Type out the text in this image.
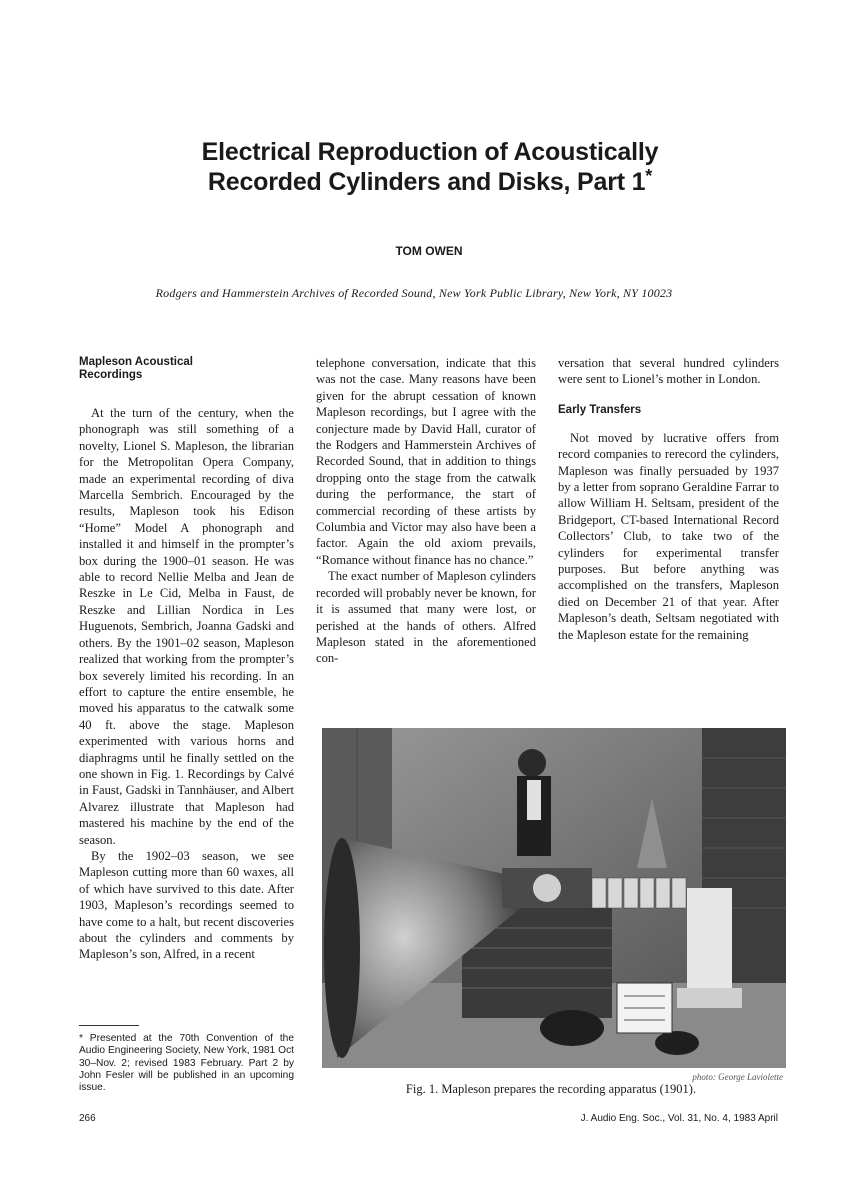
Electrical Reproduction of Acoustically
Recorded Cylinders and Disks, Part 1*
TOM OWEN
Rodgers and Hammerstein Archives of Recorded Sound, New York Public Library, New York, NY 10023
Mapleson Acoustical Recordings

At the turn of the century, when the phonograph was still something of a novelty, Lionel S. Mapleson, the librarian for the Metropolitan Opera Company, made an experimental recording of diva Marcella Sembrich. Encouraged by the results, Mapleson took his Edison “Home” Model A phonograph and installed it and himself in the prompter’s box during the 1900–01 season. He was able to record Nellie Melba and Jean de Reszke in Le Cid, Melba in Faust, de Reszke and Lillian Nordica in Les Huguenots, Sembrich, Joanna Gadski and others. By the 1901–02 season, Mapleson realized that working from the prompter’s box severely limited his recording. In an effort to capture the entire ensemble, he moved his apparatus to the catwalk some 40 ft. above the stage. Mapleson experimented with various horns and diaphragms until he finally settled on the one shown in Fig. 1. Recordings by Calvé in Faust, Gadski in Tannhäuser, and Albert Alvarez illustrate that Mapleson had mastered his machine by the end of the season.

By the 1902–03 season, we see Mapleson cutting more than 60 waxes, all of which have survived to this date. After 1903, Mapleson’s recordings seemed to have come to a halt, but recent discoveries about the cylinders and comments by Mapleson’s son, Alfred, in a recent

telephone conversation, indicate that this was not the case. Many reasons have been given for the abrupt cessation of known Mapleson recordings, but I agree with the conjecture made by David Hall, curator of the Rodgers and Hammerstein Archives of Recorded Sound, that in addition to things dropping onto the stage from the catwalk during the performance, the start of commercial recording of these artists by Columbia and Victor may also have been a factor. Again the old axiom prevails, “Romance without finance has no chance.”

The exact number of Mapleson cylinders recorded will probably never be known, for it is assumed that many were lost, or perished at the hands of others. Alfred Mapleson stated in the aforementioned con-

versation that several hundred cylinders were sent to Lionel’s mother in London.

Early Transfers

Not moved by lucrative offers from record companies to rerecord the cylinders, Mapleson was finally persuaded by 1937 by a letter from soprano Geraldine Farrar to allow William H. Seltsam, president of the Bridgeport, CT-based International Record Collectors’ Club, to take two of the cylinders for experimental transfer purposes. But before anything was accomplished on the transfers, Mapleson died on December 21 of that year. After Mapleson’s death, Seltsam negotiated with the Mapleson estate for the remaining

* Presented at the 70th Convention of the Audio Engineering Society, New York, 1981 Oct 30–Nov. 2; revised 1983 February. Part 2 by John Fesler will be published in an upcoming issue.
photo: George Laviolette
Fig. 1. Mapleson prepares the recording apparatus (1901).
266	J. Audio Eng. Soc., Vol. 31, No. 4, 1983 April
